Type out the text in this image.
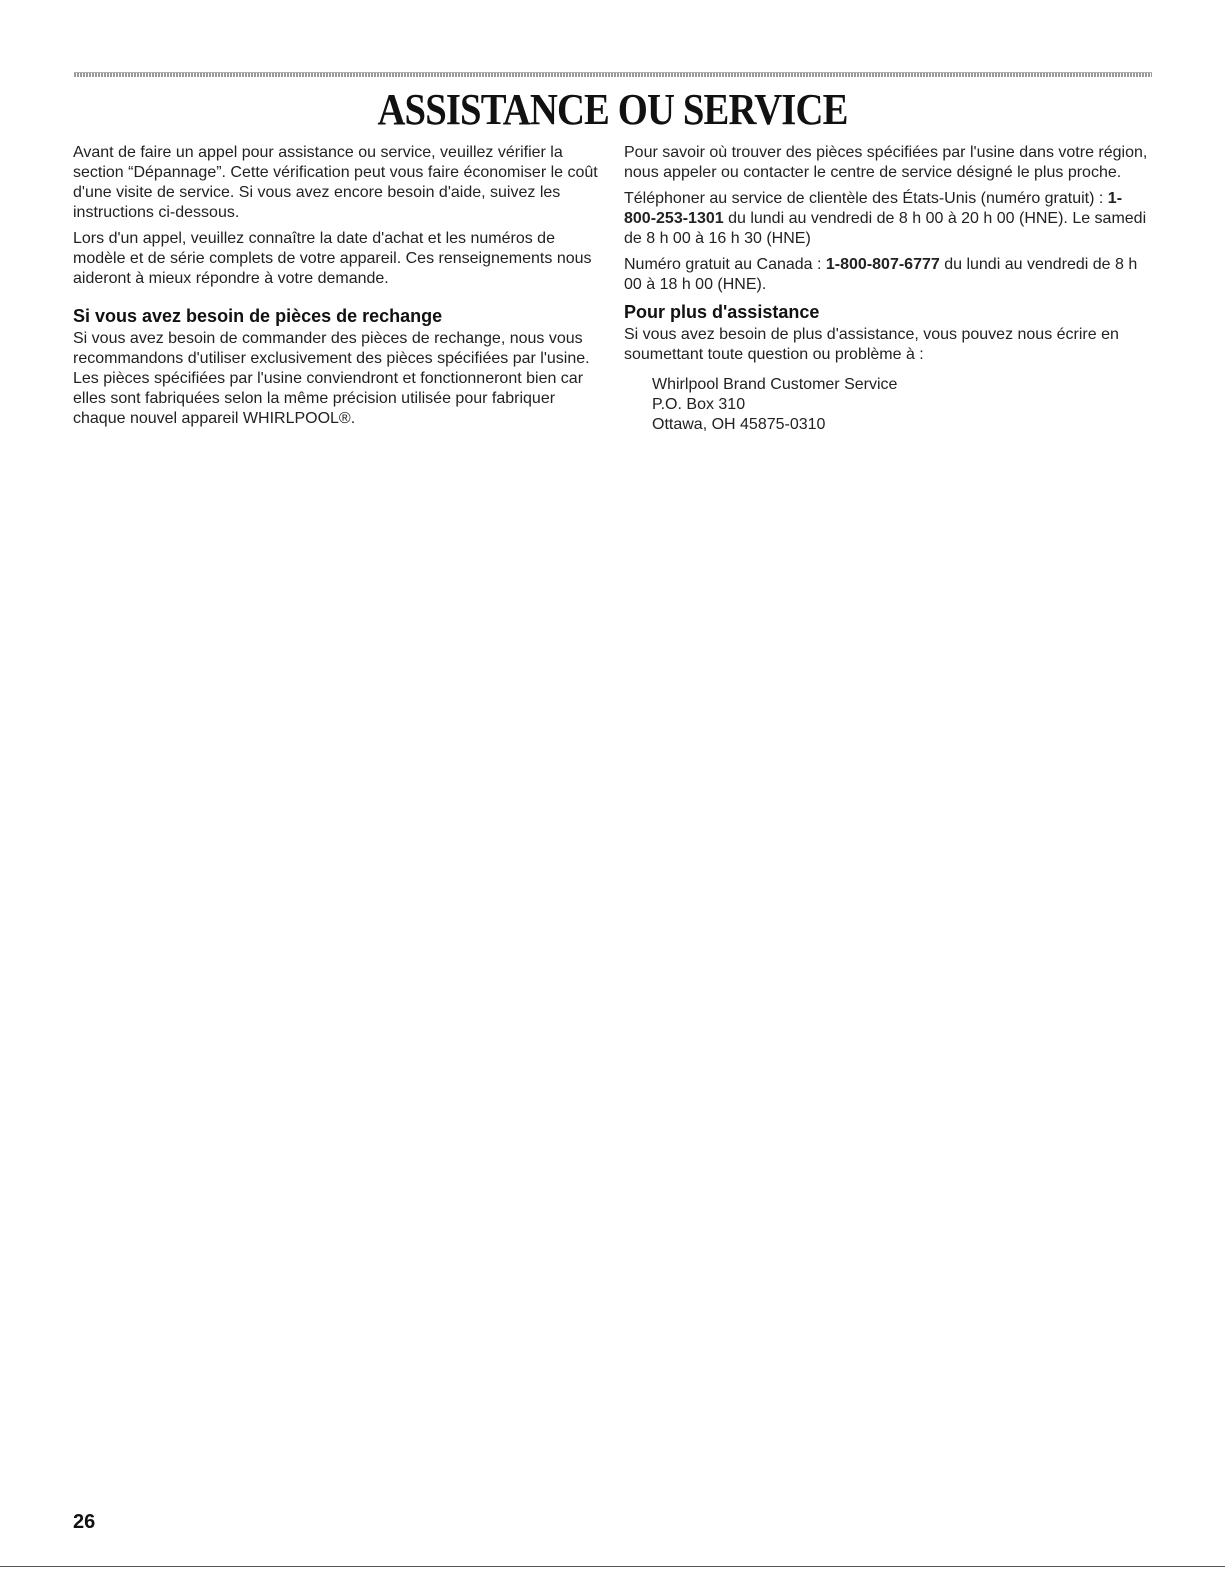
ASSISTANCE OU SERVICE

Avant de faire un appel pour assistance ou service, veuillez vérifier la section “Dépannage”. Cette vérification peut vous faire économiser le coût d'une visite de service. Si vous avez encore besoin d'aide, suivez les instructions ci-dessous.

Lors d'un appel, veuillez connaître la date d'achat et les numéros de modèle et de série complets de votre appareil. Ces renseignements nous aideront à mieux répondre à votre demande.

Si vous avez besoin de pièces de rechange

Si vous avez besoin de commander des pièces de rechange, nous vous recommandons d'utiliser exclusivement des pièces spécifiées par l'usine. Les pièces spécifiées par l'usine conviendront et fonctionneront bien car elles sont fabriquées selon la même précision utilisée pour fabriquer chaque nouvel appareil WHIRLPOOL®.

Pour savoir où trouver des pièces spécifiées par l'usine dans votre région, nous appeler ou contacter le centre de service désigné le plus proche.

Téléphoner au service de clientèle des États-Unis (numéro gratuit) : 1-800-253-1301 du lundi au vendredi de 8 h 00 à 20 h 00 (HNE). Le samedi de 8 h 00 à 16 h 30 (HNE)

Numéro gratuit au Canada : 1-800-807-6777 du lundi au vendredi de 8 h 00 à 18 h 00 (HNE).

Pour plus d'assistance

Si vous avez besoin de plus d'assistance, vous pouvez nous écrire en soumettant toute question ou problème à :

Whirlpool Brand Customer Service
P.O. Box 310
Ottawa, OH 45875-0310
26
